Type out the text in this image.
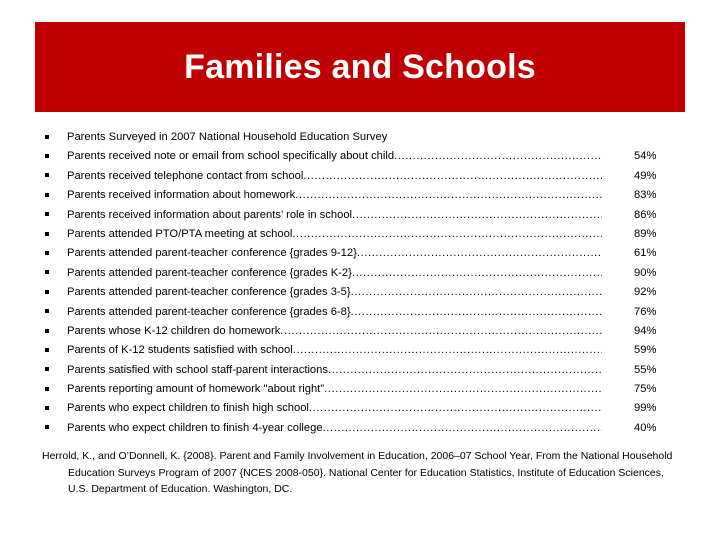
Families and Schools
Parents Surveyed in 2007 National Household Education Survey
Parents received note or email from school specifically about child .....	54%
Parents received telephone contact from school .....	49%
Parents received information about homework .....	83%
Parents received information about parents’ role in school .....	86%
Parents attended PTO/PTA meeting at school .....	89%
Parents attended parent-teacher conference {grades 9-12} .....	61%
Parents attended parent-teacher conference {grades K-2} .....	90%
Parents attended parent-teacher conference {grades 3-5} .....	92%
Parents attended parent-teacher conference {grades 6-8} .....	76%
Parents whose K-12 children do homework .....	94%
Parents of K-12 students satisfied with school .....	59%
Parents satisfied with school staff-parent interactions .....	55%
Parents reporting amount of homework "about right” .....	75%
Parents who expect children to finish high school .....	99%
Parents who expect children to finish 4-year college .....	40%

Herrold, K., and O’Donnell, K. {2008}. Parent and Family Involvement in Education, 2006–07 School Year, From the National Household Education Surveys Program of 2007 {NCES 2008-050}. National Center for Education Statistics, Institute of Education Sciences, U.S. Department of Education. Washington, DC.
